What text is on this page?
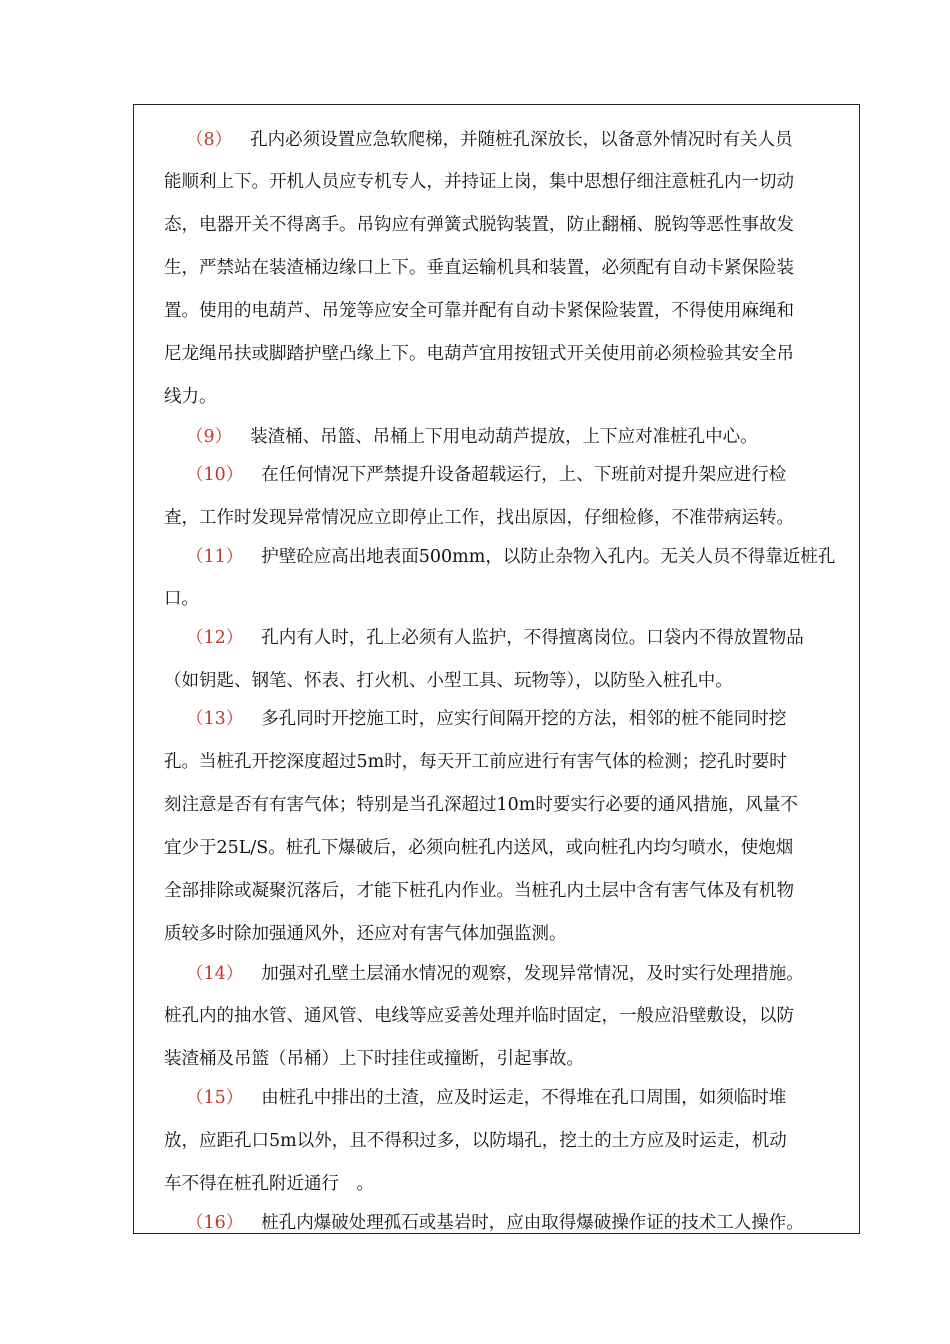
（8） 孔内必须设置应急软爬梯，并随桩孔深放长，以备意外情况时有关人员
能顺利上下。开机人员应专机专人，并持证上岗，集中思想仔细注意桩孔内一切动
态，电器开关不得离手。吊钩应有弹簧式脱钩装置，防止翻桶、脱钩等恶性事故发
生，严禁站在装渣桶边缘口上下。垂直运输机具和装置，必须配有自动卡紧保险装
置。使用的电葫芦、吊笼等应安全可靠并配有自动卡紧保险装置，不得使用麻绳和
尼龙绳吊扶或脚踏护壁凸缘上下。电葫芦宜用按钮式开关使用前必须检验其安全吊
线力。
（9） 装渣桶、吊篮、吊桶上下用电动葫芦提放，上下应对准桩孔中心。
（10） 在任何情况下严禁提升设备超载运行，上、下班前对提升架应进行检
查，工作时发现异常情况应立即停止工作，找出原因，仔细检修，不准带病运转。
（11） 护壁砼应高出地表面500mm，以防止杂物入孔内。无关人员不得靠近桩孔
口。
（12） 孔内有人时，孔上必须有人监护，不得擅离岗位。口袋内不得放置物品
（如钥匙、钢笔、怀表、打火机、小型工具、玩物等），以防坠入桩孔中。
（13） 多孔同时开挖施工时，应实行间隔开挖的方法，相邻的桩不能同时挖
孔。当桩孔开挖深度超过5m时，每天开工前应进行有害气体的检测；挖孔时要时
刻注意是否有有害气体；特别是当孔深超过10m时要实行必要的通风措施，风量不
宜少于25L/S。桩孔下爆破后，必须向桩孔内送风，或向桩孔内均匀喷水，使炮烟
全部排除或凝聚沉落后，才能下桩孔内作业。当桩孔内土层中含有害气体及有机物
质较多时除加强通风外，还应对有害气体加强监测。
（14） 加强对孔壁土层涌水情况的观察，发现异常情况，及时实行处理措施。
桩孔内的抽水管、通风管、电线等应妥善处理并临时固定，一般应沿壁敷设，以防
装渣桶及吊篮（吊桶）上下时挂住或撞断，引起事故。
（15） 由桩孔中排出的土渣，应及时运走，不得堆在孔口周围，如须临时堆
放，应距孔口5m以外，且不得积过多，以防塌孔，挖土的土方应及时运走，机动
车不得在桩孔附近通行　。
（16） 桩孔内爆破处理孤石或基岩时，应由取得爆破操作证的技术工人操作。
